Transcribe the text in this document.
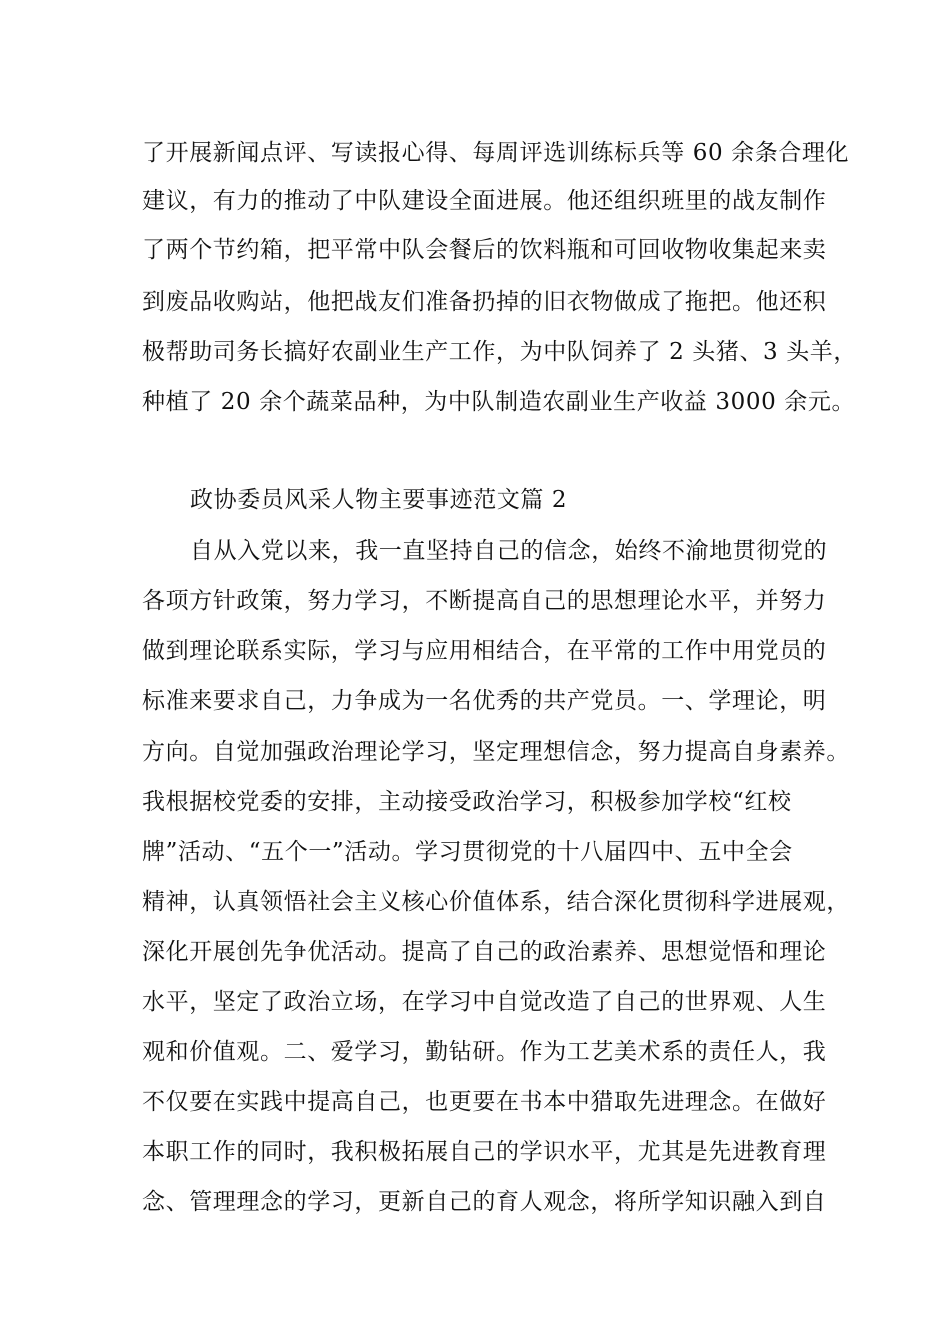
了开展新闻点评、写读报心得、每周评选训练标兵等 60 余条合理化
建议，有力的推动了中队建设全面进展。他还组织班里的战友制作
了两个节约箱，把平常中队会餐后的饮料瓶和可回收物收集起来卖
到废品收购站，他把战友们准备扔掉的旧衣物做成了拖把。他还积
极帮助司务长搞好农副业生产工作，为中队饲养了 2 头猪、3 头羊，
种植了 20 余个蔬菜品种，为中队制造农副业生产收益 3000 余元。
政协委员风采人物主要事迹范文篇 2
自从入党以来，我一直坚持自己的信念，始终不渝地贯彻党的
各项方针政策，努力学习，不断提高自己的思想理论水平，并努力
做到理论联系实际，学习与应用相结合，在平常的工作中用党员的
标准来要求自己，力争成为一名优秀的共产党员。一、学理论，明
方向。自觉加强政治理论学习，坚定理想信念，努力提高自身素养。
我根据校党委的安排，主动接受政治学习，积极参加学校“红校
牌”活动、“五个一”活动。学习贯彻党的十八届四中、五中全会
精神，认真领悟社会主义核心价值体系，结合深化贯彻科学进展观，
深化开展创先争优活动。提高了自己的政治素养、思想觉悟和理论
水平，坚定了政治立场，在学习中自觉改造了自己的世界观、人生
观和价值观。二、爱学习，勤钻研。作为工艺美术系的责任人，我
不仅要在实践中提高自己，也更要在书本中猎取先进理念。在做好
本职工作的同时，我积极拓展自己的学识水平，尤其是先进教育理
念、管理理念的学习，更新自己的育人观念，将所学知识融入到自
